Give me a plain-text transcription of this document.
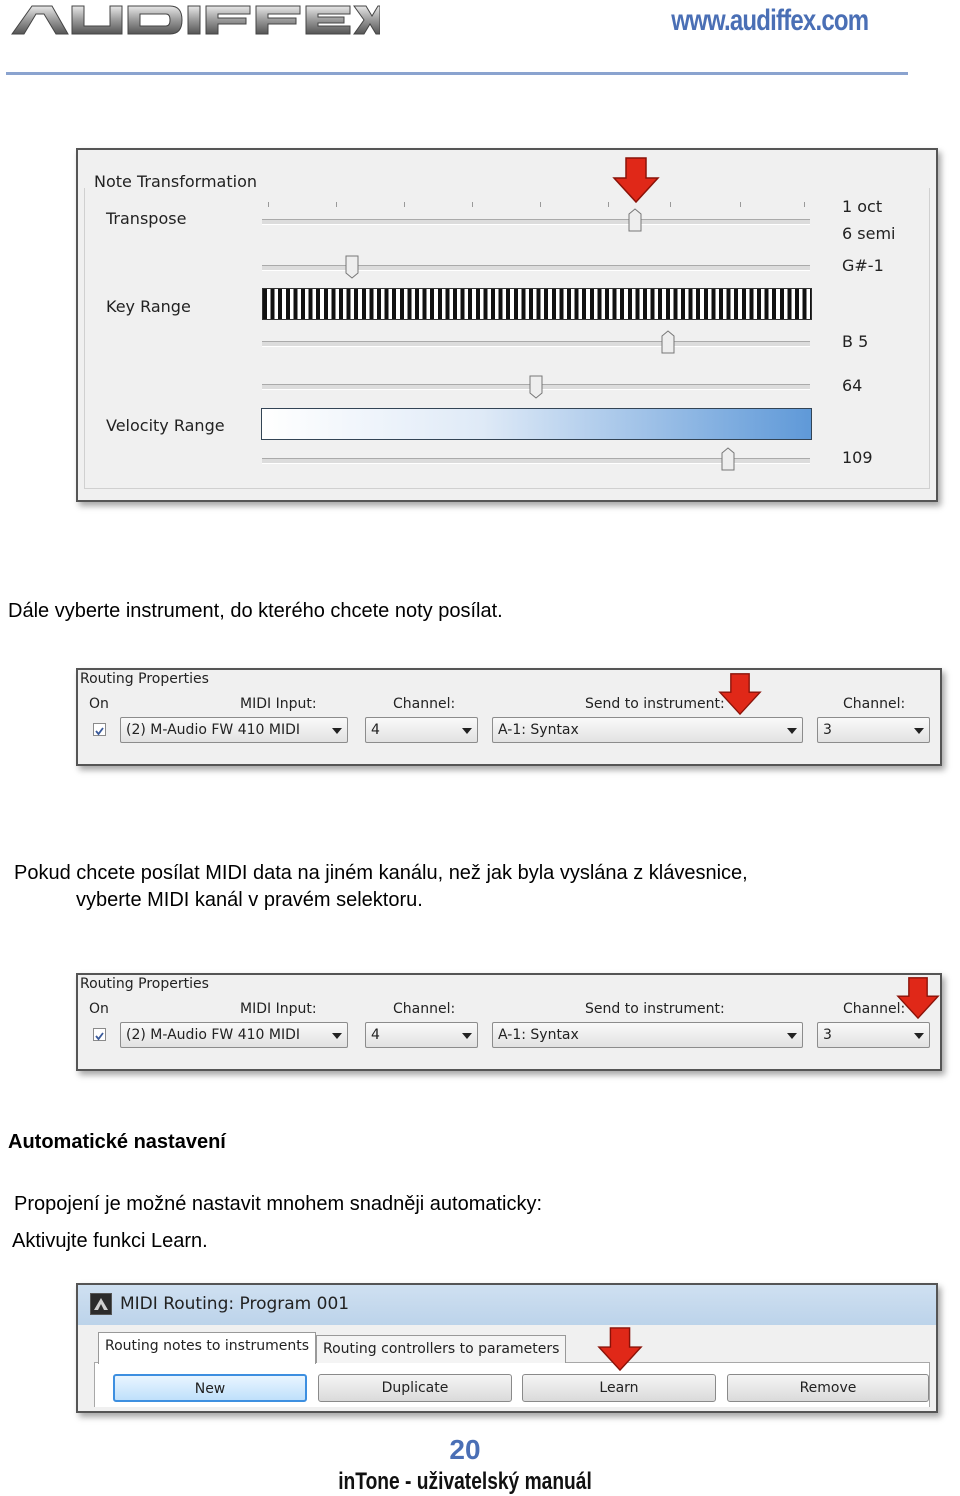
www.audiffex.com
Note Transformation
Transpose
Key Range
Velocity Range
1 oct
6 semi
G#-1
B 5
64
109
Dále vyberte instrument, do kterého chcete noty posílat.
Routing Properties
On	MIDI Input:	Channel:	Send to instrument:	Channel:
(2) M-Audio FW 410 MIDI	4	A-1: Syntax	3
Pokud chcete posílat MIDI data na jiném kanálu, než jak byla vyslána z klávesnice,
vyberte MIDI kanál v pravém selektoru.
Routing Properties
On	MIDI Input:	Channel:	Send to instrument:	Channel:
(2) M-Audio FW 410 MIDI	4	A-1: Syntax	3
Automatické nastavení
Propojení je možné nastavit mnohem snadněji automaticky:
Aktivujte funkci Learn.
MIDI Routing: Program 001
Routing notes to instruments	Routing controllers to parameters
New	Duplicate	Learn	Remove
20
inTone - uživatelský manuál
